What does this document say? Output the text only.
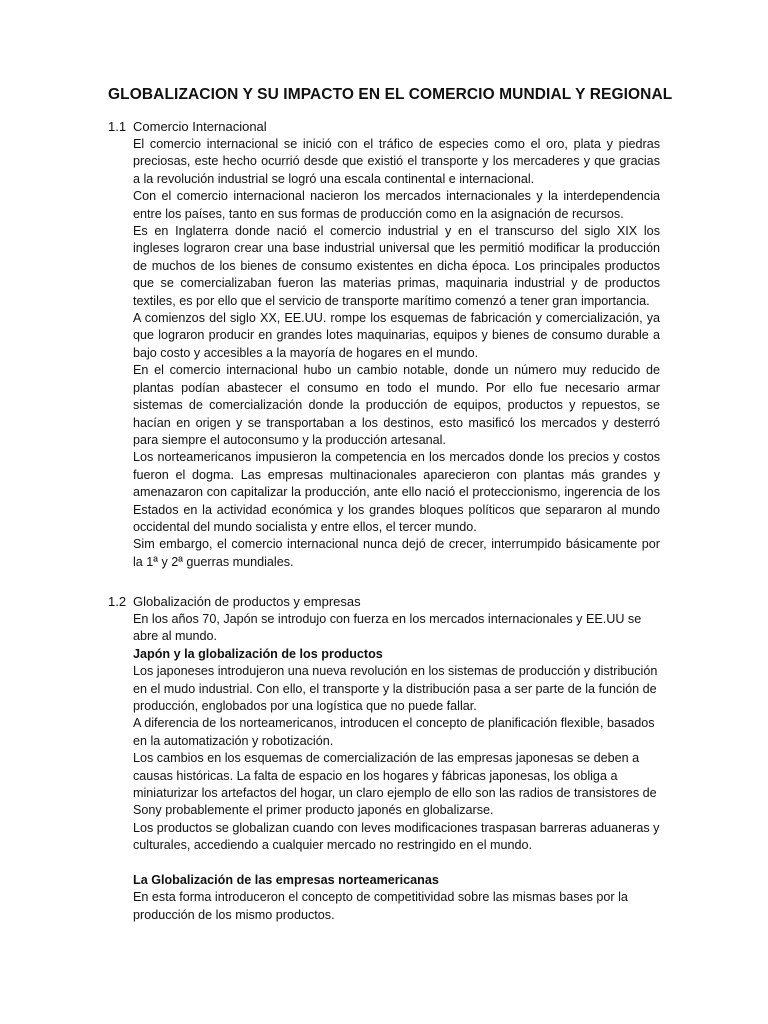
GLOBALIZACION Y SU IMPACTO EN EL COMERCIO MUNDIAL Y REGIONAL
1.1 Comercio Internacional

El comercio internacional se inició con el tráfico de especies como el oro, plata y piedras preciosas, este hecho ocurrió desde que existió el transporte y los mercaderes y que gracias a la revolución industrial se logró una escala continental e internacional.

Con el comercio internacional nacieron los mercados internacionales y la interdependencia entre los países, tanto en sus formas de producción como en la asignación de recursos.

Es en Inglaterra donde nació el comercio industrial y en el transcurso del siglo XIX los ingleses lograron crear una base industrial universal que les permitió modificar la producción de muchos de los bienes de consumo existentes en dicha época. Los principales productos que se comercializaban fueron las materias primas, maquinaria industrial y de productos textiles, es por ello que el servicio de transporte marítimo comenzó a tener gran importancia.

A comienzos del siglo XX, EE.UU. rompe los esquemas de fabricación y comercialización, ya que lograron producir en grandes lotes maquinarias, equipos y bienes de consumo durable a bajo costo y accesibles a la mayoría de hogares en el mundo.

En el comercio internacional hubo un cambio notable, donde un número muy reducido de plantas podían abastecer el consumo en todo el mundo. Por ello fue necesario armar sistemas de comercialización donde la producción de equipos, productos y repuestos, se hacían en origen y se transportaban a los destinos, esto masificó los mercados y desterró para siempre el autoconsumo y la producción artesanal.

Los norteamericanos impusieron la competencia en los mercados donde los precios y costos fueron el dogma. Las empresas multinacionales aparecieron con plantas más grandes y amenazaron con capitalizar la producción, ante ello nació el proteccionismo, ingerencia de los Estados en la actividad económica y los grandes bloques políticos que separaron al mundo occidental del mundo socialista y entre ellos, el tercer mundo.

Sim embargo, el comercio internacional nunca dejó de crecer, interrumpido básicamente por la 1ª y 2ª guerras mundiales.

1.2 Globalización de productos y empresas

En los años 70, Japón se introdujo con fuerza en los mercados internacionales y EE.UU se abre al mundo.

Japón y la globalización de los productos

Los japoneses introdujeron una nueva revolución en los sistemas de producción y distribución en el mudo industrial. Con ello, el transporte y la distribución pasa a ser parte de la función de producción, englobados por una logística que no puede fallar.

A diferencia de los norteamericanos, introducen el concepto de planificación flexible, basados en la automatización y robotización.

Los cambios en los esquemas de comercialización de las empresas japonesas se deben a causas históricas. La falta de espacio en los hogares y fábricas japonesas, los obliga a miniaturizar los artefactos del hogar, un claro ejemplo de ello son las radios de transistores de Sony probablemente el primer producto japonés en globalizarse.

Los productos se globalizan cuando con leves modificaciones traspasan barreras aduaneras y culturales, accediendo a cualquier mercado no restringido en el mundo.

La Globalización de las empresas norteamericanas

En esta forma introduceron el concepto de competitividad sobre las mismas bases por la producción de los mismo productos.
